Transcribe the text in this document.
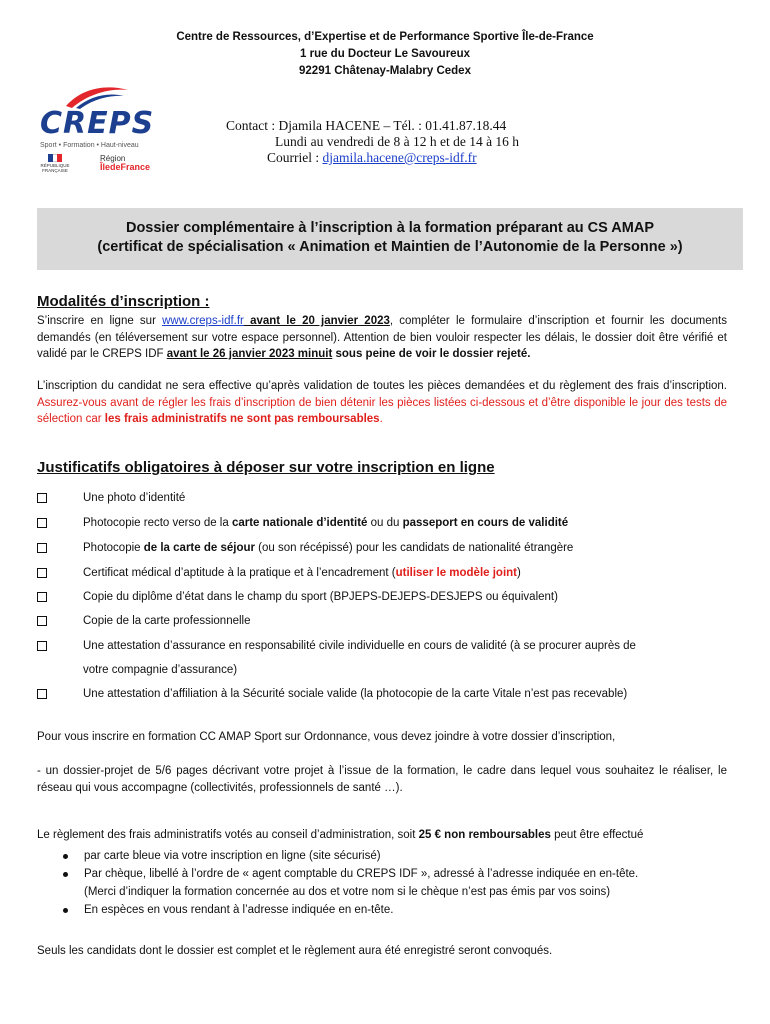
Centre de Ressources, d’Expertise et de Performance Sportive Île-de-France
1 rue du Docteur Le Savoureux
92291 Châtenay-Malabry Cedex
CREPS
Sport • Formation • Haut-niveau
RÉPUBLIQUE
FRANÇAISE
Région
ÎledeFrance
Contact : Djamila HACENE – Tél. : 01.41.87.18.44
Lundi au vendredi de 8 à 12 h et de 14 à 16 h
Courriel : djamila.hacene@creps-idf.fr
Dossier complémentaire à l’inscription à la formation préparant au CS AMAP
(certificat de spécialisation « Animation et Maintien de l’Autonomie de la Personne »)
Modalités d’inscription :
S’inscrire en ligne sur www.creps-idf.fr avant le 20 janvier 2023, compléter le formulaire d’inscription et fournir les documents demandés (en téléversement sur votre espace personnel). Attention de bien vouloir respecter les délais, le dossier doit être vérifié et validé par le CREPS IDF avant le 26 janvier 2023 minuit sous peine de voir le dossier rejeté.
L’inscription du candidat ne sera effective qu’après validation de toutes les pièces demandées et du règlement des frais d’inscription. Assurez-vous avant de régler les frais d’inscription de bien détenir les pièces listées ci-dessous et d’être disponible le jour des tests de sélection car les frais administratifs ne sont pas remboursables.
Justificatifs obligatoires à déposer sur votre inscription en ligne
Une photo d’identité
Photocopie recto verso de la carte nationale d’identité ou du passeport en cours de validité
Photocopie de la carte de séjour (ou son récépissé) pour les candidats de nationalité étrangère
Certificat médical d’aptitude à la pratique et à l’encadrement (utiliser le modèle joint)
Copie du diplôme d’état dans le champ du sport (BPJEPS-DEJEPS-DESJEPS ou équivalent)
Copie de la carte professionnelle
Une attestation d’assurance en responsabilité civile individuelle en cours de validité (à se procurer auprès de
votre compagnie d’assurance)
Une attestation d’affiliation à la Sécurité sociale valide (la photocopie de la carte Vitale n’est pas recevable)
Pour vous inscrire en formation CC AMAP Sport sur Ordonnance, vous devez joindre à votre dossier d’inscription,
- un dossier-projet de 5/6 pages décrivant votre projet à l’issue de la formation, le cadre dans lequel vous souhaitez le réaliser, le réseau qui vous accompagne (collectivités, professionnels de santé …).
Le règlement des frais administratifs votés au conseil d’administration, soit 25 € non remboursables peut être effectué
par carte bleue via votre inscription en ligne (site sécurisé)
Par chèque, libellé à l’ordre de « agent comptable du CREPS IDF », adressé à l’adresse indiquée en en-tête.
(Merci d’indiquer la formation concernée au dos et votre nom si le chèque n’est pas émis par vos soins)
En espèces en vous rendant à l’adresse indiquée en en-tête.
Seuls les candidats dont le dossier est complet et le règlement aura été enregistré seront convoqués.
